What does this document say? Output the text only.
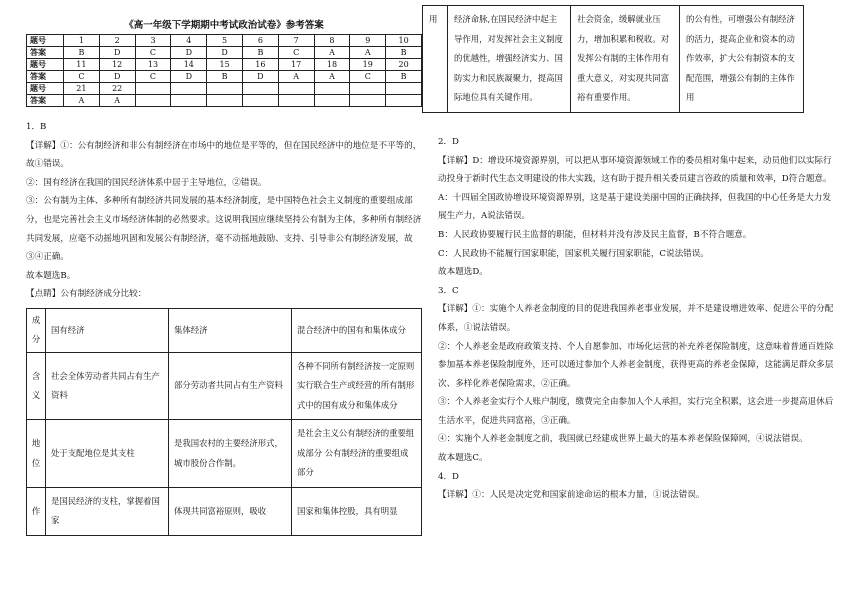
《高一年级下学期期中考试政治试卷》参考答案
题号	1	2	3	4	5	6	7	8	9	10
答案	B	D	C	D	D	B	C	A	A	B
题号	11	12	13	14	15	16	17	18	19	20
答案	C	D	C	D	B	D	A	A	C	B
题号	21	22								
答案	A	A								

1．B

【详解】①：公有制经济和非公有制经济在市场中的地位是平等的，但在国民经济中的地位是不平等的，故①错误。

②：国有经济在我国的国民经济体系中居于主导地位，②错误。

③：公有制为主体、多种所有制经济共同发展的基本经济制度，是中国特色社会主义制度的重要组成部分，也是完善社会主义市场经济体制的必然要求。这说明我国应继续坚持公有制为主体，多种所有制经济共同发展，应毫不动摇地巩固和发展公有制经济，毫不动摇地鼓励、支持、引导非公有制经济发展，故③④正确。

故本题选B。

【点睛】公有制经济成分比较：

成分	国有经济	集体经济	混合经济中的国有和集体成分
含义	社会全体劳动者共同占有生产资料	部分劳动者共同占有生产资料	各种不同所有制经济按一定原则实行联合生产或经营的所有制形式中的国有成分和集体成分
地位	处于支配地位是其支柱	是我国农村的主要经济形式，城市股份合作制。	是社会主义公有制经济的重要组成部分 公有制经济的重要组成部分
作	是国民经济的支柱，掌握着国家	体现共同富裕原则，吸收	国家和集体控股，具有明显
用	经济命脉,在国民经济中起主导作用，对发挥社会主义制度的优越性，增强经济实力、国防实力和民族凝聚力，提高国际地位具有关键作用。	社会资金，缓解就业压力，增加积累和税收。对发挥公有制的主体作用有重大意义，对实现共同富裕有重要作用。	的公有性，可增强公有制经济的活力，提高企业和资本的动作效率，扩大公有制资本的支配范围，增强公有制的主体作用

2．D

【详解】D：增设环境资源界别，可以把从事环境资源领域工作的委员相对集中起来，动员他们以实际行动投身于新时代生态文明建设的伟大实践，这有助于提升相关委员建言咨政的质量和效率，D符合题意。

A：十四届全国政协增设环境资源界别，这是基于建设美丽中国的正确抉择，但我国的中心任务是大力发展生产力，A说法错误。

B：人民政协要履行民主监督的职能，但材料并没有涉及民主监督，B不符合题意。

C：人民政协不能履行国家职能，国家机关履行国家职能，C说法错误。

故本题选D。

3．C

【详解】①：实施个人养老金制度的目的促进我国养老事业发展，并不是建设增进效率、促进公平的分配体系，①说法错误。

②：个人养老金是政府政策支持、个人自愿参加、市场化运营的补充养老保险制度，这意味着普通百姓除参加基本养老保险制度外，还可以通过参加个人养老金制度，获得更高的养老金保障，这能满足群众多层次、多样化养老保险需求，②正确。

③：个人养老金实行个人账户制度，缴费完全由参加人个人承担，实行完全积累，这会进一步提高退休后生活水平，促进共同富裕，③正确。

④：实施个人养老金制度之前，我国就已经建成世界上最大的基本养老保险保障网，④说法错误。

故本题选C。

4．D

【详解】①：人民是决定党和国家前途命运的根本力量，①说法错误。
